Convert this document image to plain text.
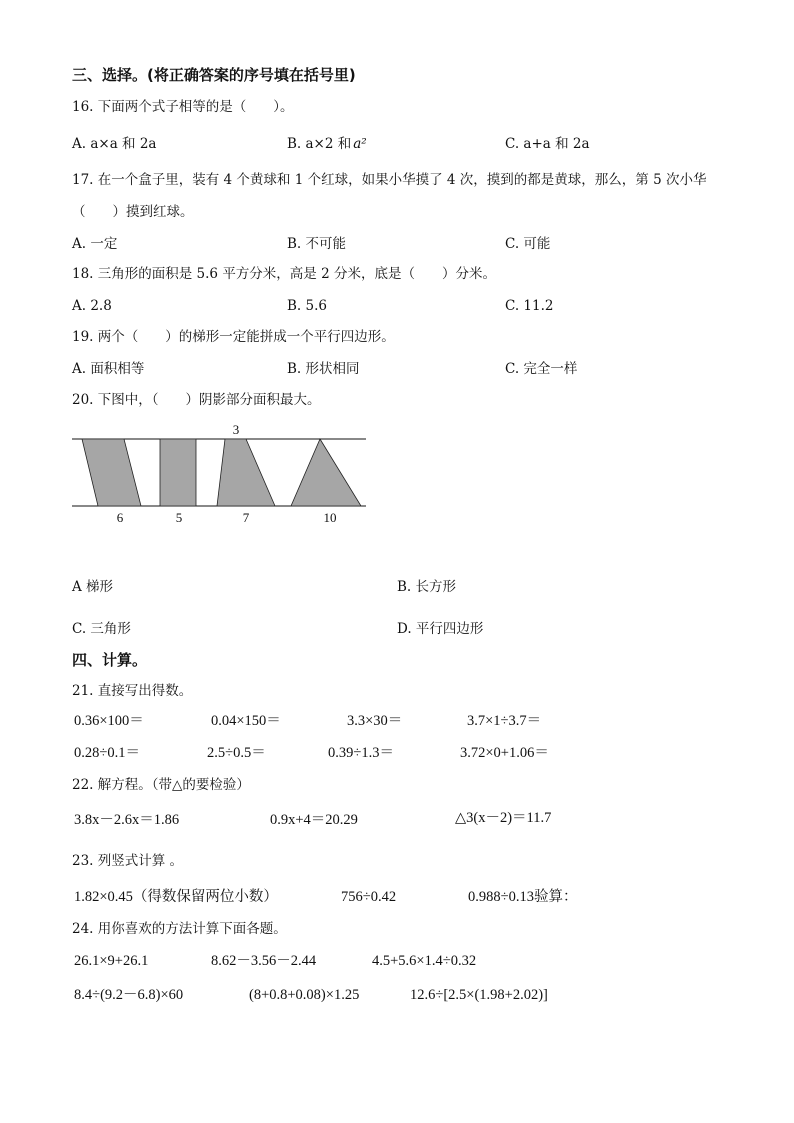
三、选择。(将正确答案的序号填在括号里)
16. 下面两个式子相等的是（　　）。
A. a×a 和 2a	B. a×2 和 a²	C. a+a 和 2a
17. 在一个盒子里，装有 4 个黄球和 1 个红球，如果小华摸了 4 次，摸到的都是黄球，那么，第 5 次小华
（　　）摸到红球。
A. 一定	B. 不可能	C. 可能
18. 三角形的面积是 5.6 平方分米，高是 2 分米，底是（　　）分米。
A. 2.8	B. 5.6	C. 11.2
19. 两个（　　）的梯形一定能拼成一个平行四边形。
A. 面积相等	B. 形状相同	C. 完全一样
20. 下图中，（　　）阴影部分面积最大。
3
6	5	7	10
A 梯形	B. 长方形
C. 三角形	D. 平行四边形
四、计算。
21. 直接写出得数。
0.36×100＝	0.04×150＝	3.3×30＝	3.7×1÷3.7＝
0.28÷0.1＝	2.5÷0.5＝	0.39÷1.3＝	3.72×0+1.06＝
22. 解方程。（带△的要检验）
3.8x－2.6x＝1.86	0.9x+4＝20.29	△3(x－2)＝11.7
23. 列竖式计算 。
1.82×0.45（得数保留两位小数）	756÷0.42	0.988÷0.13验算：
24. 用你喜欢的方法计算下面各题。
26.1×9+26.1	8.62－3.56－2.44	4.5+5.6×1.4÷0.32
8.4÷(9.2－6.8)×60	(8+0.8+0.08)×1.25	12.6÷[2.5×(1.98+2.02)]
